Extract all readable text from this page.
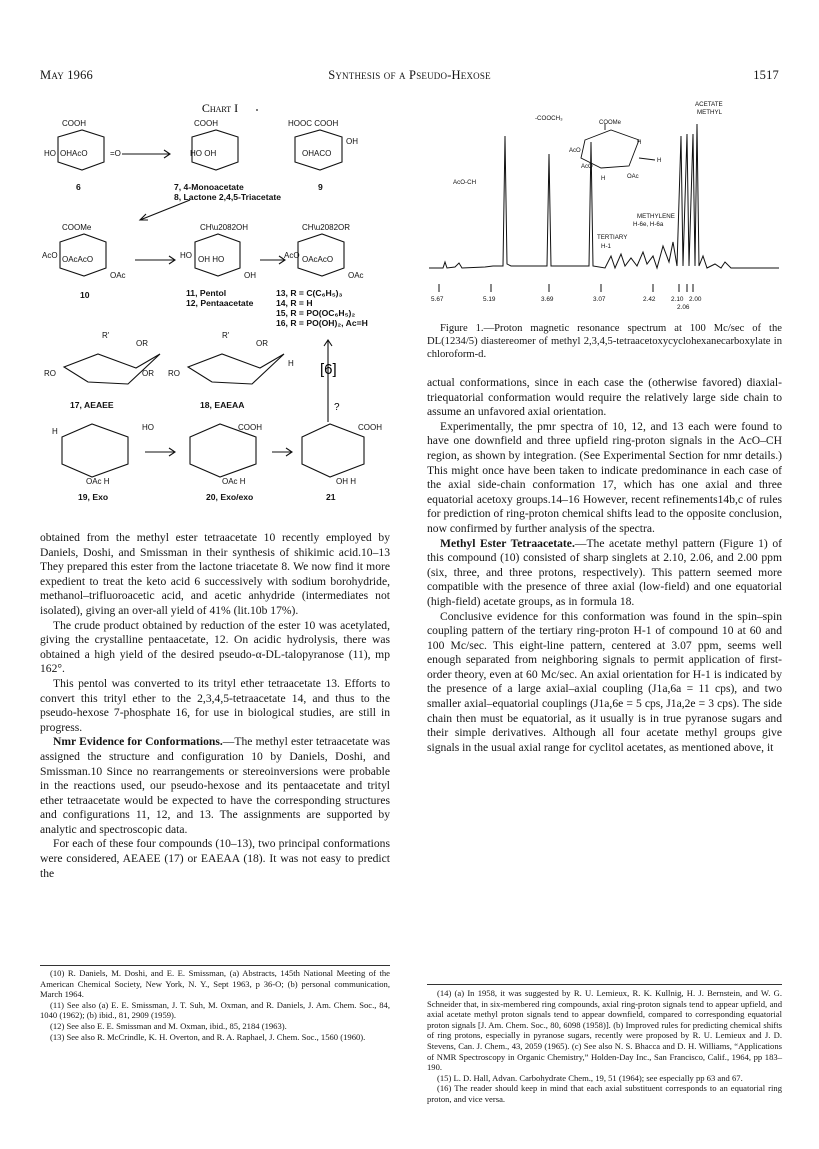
May 1966	Synthesis of a Pseudo-Hexose	1517
Chart I
COOH	COOH	HOOC COOH
HO OHAcO	=O	HO OH	OHACO
OH
COOMe	CH\u2082OH	CH\u2082OR
AcO OAcAcO
OAc
HO OH HO
OH
AcO OAcAcO
OAc
R'
OR
RO	OR
R'
OR
RO
H
H	HO	COOH	COOH
OAc H	OAc H	OH H
[6]
?
6	7, 4-Monoacetate
8, Lactone 2,4,5-Triacetate
9
10	11, Pentol
12, Pentaacetate
13, R = C(C₆H₅)₃
14, R = H
15, R = PO(OC₆H₅)₂
16, R = PO(OH)₂, Ac=H
17, AEAEE	18, EAEAA
19, Exo	20, Exo/exo	21
-COOCH₃
ACETATE
METHYL
AcO-CH
METHYLENE
H-6e, H-6a
TERTIARY
H-1
COOMe
AcO
AcO
H
H
OAc
H
5.67	5.19	3.69	3.07	2.42 2.10 2.00
2.06
Figure 1.—Proton magnetic resonance spectrum at 100 Mc/sec of the DL(1234/5) diastereomer of methyl 2,3,4,5-tetraacetoxycyclohexanecarboxylate in chloroform-d.

obtained from the methyl ester tetraacetate 10 recently employed by Daniels, Doshi, and Smissman in their synthesis of shikimic acid.10–13 They prepared this ester from the lactone triacetate 8. We now find it more expedient to treat the keto acid 6 successively with sodium borohydride, methanol–trifluoroacetic acid, and acetic anhydride (intermediates not isolated), giving an over-all yield of 41% (lit.10b 17%).

The crude product obtained by reduction of the ester 10 was acetylated, giving the crystalline pentaacetate, 12. On acidic hydrolysis, there was obtained a high yield of the desired pseudo-α-DL-talopyranose (11), mp 162°.

This pentol was converted to its trityl ether tetraacetate 13. Efforts to convert this trityl ether to the 2,3,4,5-tetraacetate 14, and thus to the pseudo-hexose 7-phosphate 16, for use in biological studies, are still in progress.

Nmr Evidence for Conformations.—The methyl ester tetraacetate was assigned the structure and configuration 10 by Daniels, Doshi, and Smissman.10 Since no rearrangements or stereoinversions were probable in the reactions used, our pseudo-hexose and its pentaacetate and trityl ether tetraacetate would be expected to have the corresponding structures and configurations 11, 12, and 13. The assignments are supported by analytic and spectroscopic data.

For each of these four compounds (10–13), two principal conformations were considered, AEAEE (17) or EAEAA (18). It was not easy to predict the

(10) R. Daniels, M. Doshi, and E. E. Smissman, (a) Abstracts, 145th National Meeting of the American Chemical Society, New York, N. Y., Sept 1963, p 36-O; (b) personal communication, March 1964.

(11) See also (a) E. E. Smissman, J. T. Suh, M. Oxman, and R. Daniels, J. Am. Chem. Soc., 84, 1040 (1962); (b) ibid., 81, 2909 (1959).

(12) See also E. E. Smissman and M. Oxman, ibid., 85, 2184 (1963).

(13) See also R. McCrindle, K. H. Overton, and R. A. Raphael, J. Chem. Soc., 1560 (1960).

actual conformations, since in each case the (otherwise favored) diaxial-triequatorial conformation would require the relatively large side chain to assume an unfavored axial orientation.

Experimentally, the pmr spectra of 10, 12, and 13 each were found to have one downfield and three upfield ring-proton signals in the AcO–CH region, as shown by integration. (See Experimental Section for nmr details.) This might once have been taken to indicate predominance in each case of the axial side-chain conformation 17, which has one axial and three equatorial acetoxy groups.14–16 However, recent refinements14b,c of rules for prediction of ring-proton chemical shifts lead to the opposite conclusion, now confirmed by further analysis of the spectra.

Methyl Ester Tetraacetate.—The acetate methyl pattern (Figure 1) of this compound (10) consisted of sharp singlets at 2.10, 2.06, and 2.00 ppm (six, three, and three protons, respectively). This pattern seemed more compatible with the presence of three axial (low-field) and one equatorial (high-field) acetate groups, as in formula 18.

Conclusive evidence for this conformation was found in the spin–spin coupling pattern of the tertiary ring-proton H-1 of compound 10 at 60 and 100 Mc/sec. This eight-line pattern, centered at 3.07 ppm, seems well enough separated from neighboring signals to permit application of first-order theory, even at 60 Mc/sec. An axial orientation for H-1 is indicated by the presence of a large axial–axial coupling (J1a,6a = 11 cps), and two smaller axial–equatorial couplings (J1a,6e = 5 cps, J1a,2e = 3 cps). The side chain then must be equatorial, as it usually is in true pyranose sugars and their simple derivatives. Although all four acetate methyl groups give signals in the usual axial range for cyclitol acetates, as mentioned above, it

(14) (a) In 1958, it was suggested by R. U. Lemieux, R. K. Kullnig, H. J. Bernstein, and W. G. Schneider that, in six-membered ring compounds, axial ring-proton signals tend to appear upfield, and axial acetate methyl proton signals tend to appear downfield, compared to corresponding equatorial proton signals [J. Am. Chem. Soc., 80, 6098 (1958)]. (b) Improved rules for predicting chemical shifts of ring protons, especially in pyranose sugars, recently were proposed by R. U. Lemieux and J. D. Stevens, Can. J. Chem., 43, 2059 (1965). (c) See also N. S. Bhacca and D. H. Williams, “Applications of NMR Spectroscopy in Organic Chemistry,” Holden-Day Inc., San Francisco, Calif., 1964, pp 183–190.

(15) L. D. Hall, Advan. Carbohydrate Chem., 19, 51 (1964); see especially pp 63 and 67.

(16) The reader should keep in mind that each axial substituent corresponds to an equatorial ring proton, and vice versa.
